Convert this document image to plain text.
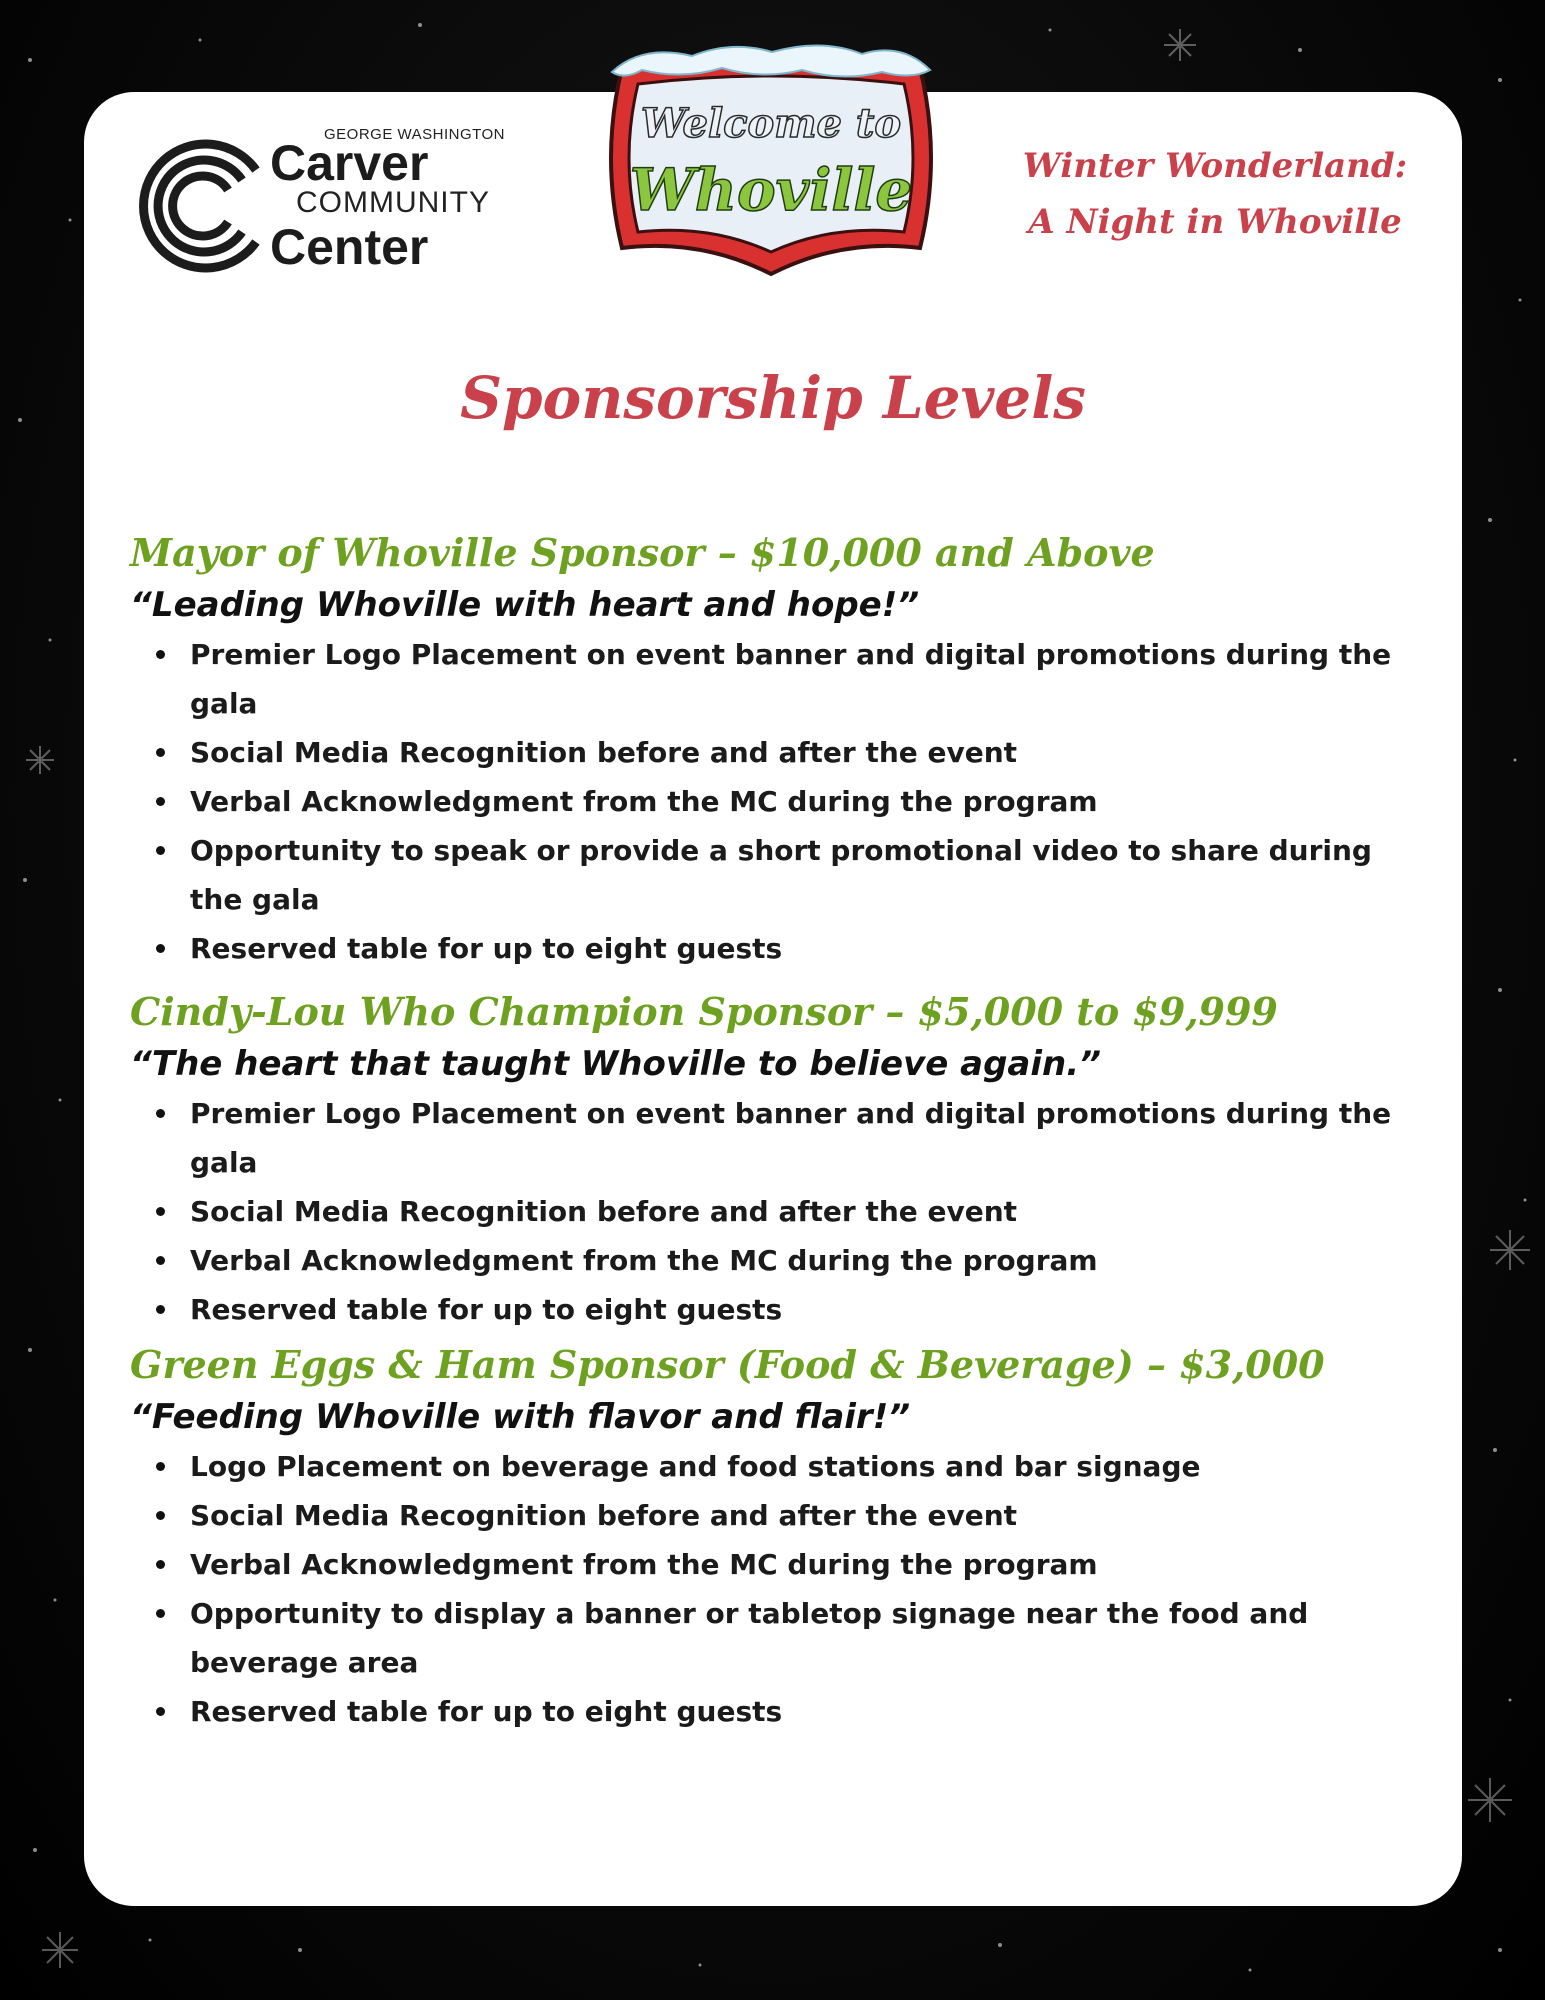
GEORGE WASHINGTON
Carver
COMMUNITY
Center
Welcome to
Whoville	Winter Wonderland:
A Night in Whoville
Sponsorship Levels

Mayor of Whoville Sponsor – $10,000 and Above

“Leading Whoville with heart and hope!”

Premier Logo Placement on event banner and digital promotions during the gala
Social Media Recognition before and after the event
Verbal Acknowledgment from the MC during the program
Opportunity to speak or provide a short promotional video to share during the gala
Reserved table for up to eight guests

Cindy-Lou Who Champion Sponsor – $5,000 to $9,999

“The heart that taught Whoville to believe again.”

Premier Logo Placement on event banner and digital promotions during the gala
Social Media Recognition before and after the event
Verbal Acknowledgment from the MC during the program
Reserved table for up to eight guests

Green Eggs & Ham Sponsor (Food & Beverage) – $3,000

“Feeding Whoville with flavor and flair!”

Logo Placement on beverage and food stations and bar signage
Social Media Recognition before and after the event
Verbal Acknowledgment from the MC during the program
Opportunity to display a banner or tabletop signage near the food and beverage area
Reserved table for up to eight guests
